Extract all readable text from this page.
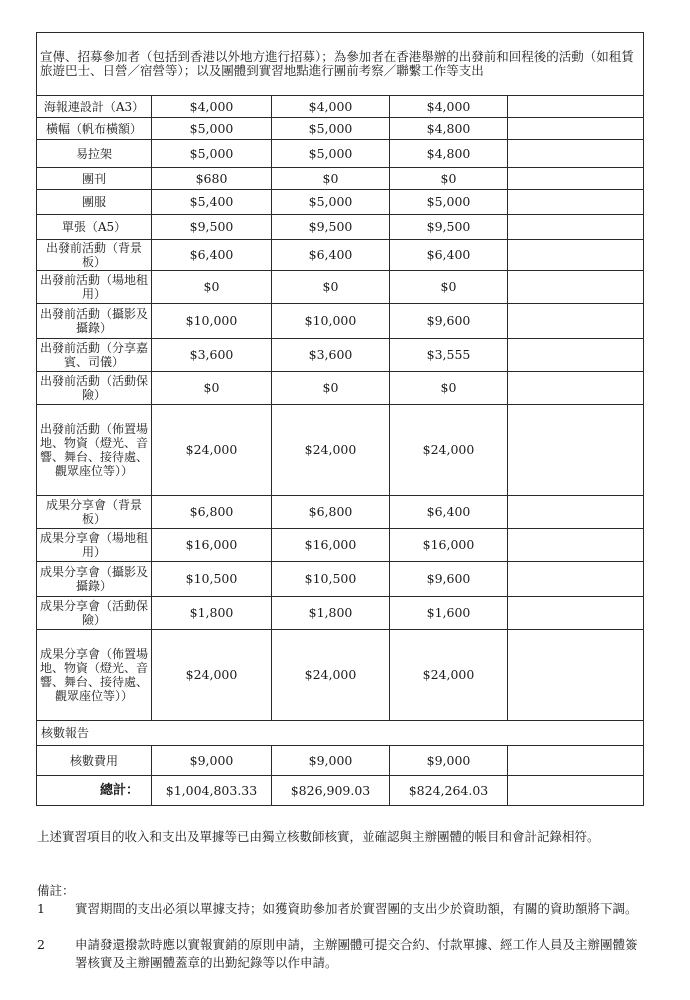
宣傳、招募參加者（包括到香港以外地方進行招募）；為參加者在香港舉辦的出發前和回程後的活動（如租賃旅遊巴士、日營／宿營等）；以及團體到實習地點進行團前考察／聯繫工作等支出				
海報連設計（A3）	$4,000	$4,000	$4,000	
橫幅（帆布橫額）	$5,000	$5,000	$4,800	
易拉架	$5,000	$5,000	$4,800	
團刊	$680	$0	$0	
團服	$5,400	$5,000	$5,000	
單張（A5）	$9,500	$9,500	$9,500	
出發前活動（背景板）	$6,400	$6,400	$6,400	
出發前活動（場地租用）	$0	$0	$0	
出發前活動（攝影及攝錄）	$10,000	$10,000	$9,600	
出發前活動（分享嘉賓、司儀）	$3,600	$3,600	$3,555	
出發前活動（活動保險）	$0	$0	$0	
出發前活動（佈置場地、物資（燈光、音響、舞台、接待處、觀眾座位等））	$24,000	$24,000	$24,000	
成果分享會（背景板）	$6,800	$6,800	$6,400	
成果分享會（場地租用）	$16,000	$16,000	$16,000	
成果分享會（攝影及攝錄）	$10,500	$10,500	$9,600	
成果分享會（活動保險）	$1,800	$1,800	$1,600	
成果分享會（佈置場地、物資（燈光、音響、舞台、接待處、觀眾座位等））	$24,000	$24,000	$24,000	
核數報告				
核數費用	$9,000	$9,000	$9,000	
總計：	$1,004,803.33	$826,909.03	$824,264.03	
上述實習項目的收入和支出及單據等已由獨立核數師核實，並確認與主辦團體的帳目和會計記錄相符。
備註：
1	實習期間的支出必須以單據支持；如獲資助參加者於實習團的支出少於資助額，有關的資助額將下調。
2	申請發還撥款時應以實報實銷的原則申請，主辦團體可提交合約、付款單據、經工作人員及主辦團體簽署核實及主辦團體蓋章的出勤紀錄等以作申請。
